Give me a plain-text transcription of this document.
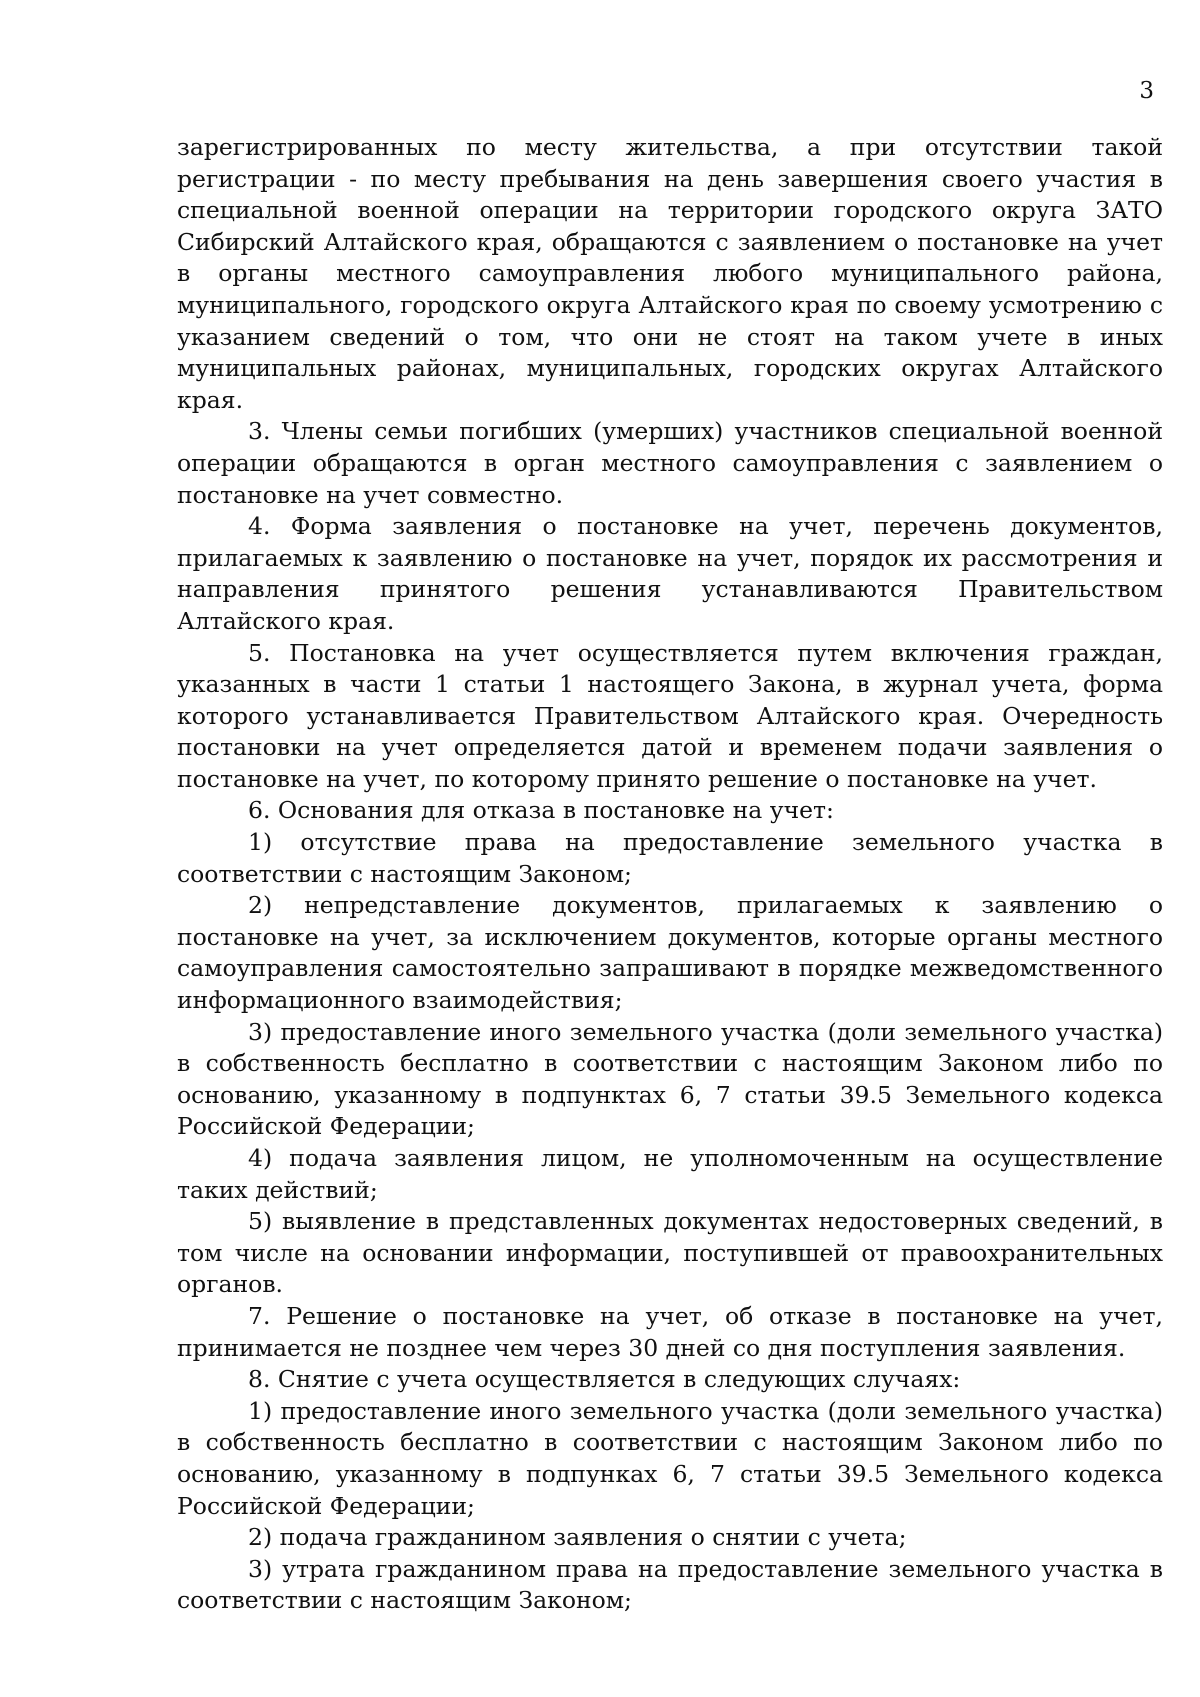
3

зарегистрированных по месту жительства, а при отсутствии такой регистрации - по месту пребывания на день завершения своего участия в специальной военной операции на территории городского округа ЗАТО Сибирский Алтайского края, обращаются с заявлением о постановке на учет в органы местного самоуправления любого муниципального района, муниципального, городского округа Алтайского края по своему усмотрению с указанием сведений о том, что они не стоят на таком учете в иных муниципальных районах, муниципальных, городских округах Алтайского края.

3. Члены семьи погибших (умерших) участников специальной военной операции обращаются в орган местного самоуправления с заявлением о постановке на учет совместно.

4. Форма заявления о постановке на учет, перечень документов, прилагаемых к заявлению о постановке на учет, порядок их рассмотрения и направления принятого решения устанавливаются Правительством Алтайского края.

5. Постановка на учет осуществляется путем включения граждан, указанных в части 1 статьи 1 настоящего Закона, в журнал учета, форма которого устанавливается Правительством Алтайского края. Очередность постановки на учет определяется датой и временем подачи заявления о постановке на учет, по которому принято решение о постановке на учет.

6. Основания для отказа в постановке на учет:

1) отсутствие права на предоставление земельного участка в соответствии с настоящим Законом;

2) непредставление документов, прилагаемых к заявлению о постановке на учет, за исключением документов, которые органы местного самоуправления самостоятельно запрашивают в порядке межведомственного информационного взаимодействия;

3) предоставление иного земельного участка (доли земельного участка) в собственность бесплатно в соответствии с настоящим Законом либо по основанию, указанному в подпунктах 6, 7 статьи 39.5 Земельного кодекса Российской Федерации;

4) подача заявления лицом, не уполномоченным на осуществление таких действий;

5) выявление в представленных документах недостоверных сведений, в том числе на основании информации, поступившей от правоохранительных органов.

7. Решение о постановке на учет, об отказе в постановке на учет, принимается не позднее чем через 30 дней со дня поступления заявления.

8. Снятие с учета осуществляется в следующих случаях:

1) предоставление иного земельного участка (доли земельного участка) в собственность бесплатно в соответствии с настоящим Законом либо по основанию, указанному в подпунках 6, 7 статьи 39.5 Земельного кодекса Российской Федерации;

2) подача гражданином заявления о снятии с учета;

3) утрата гражданином права на предоставление земельного участка в соответствии с настоящим Законом;
